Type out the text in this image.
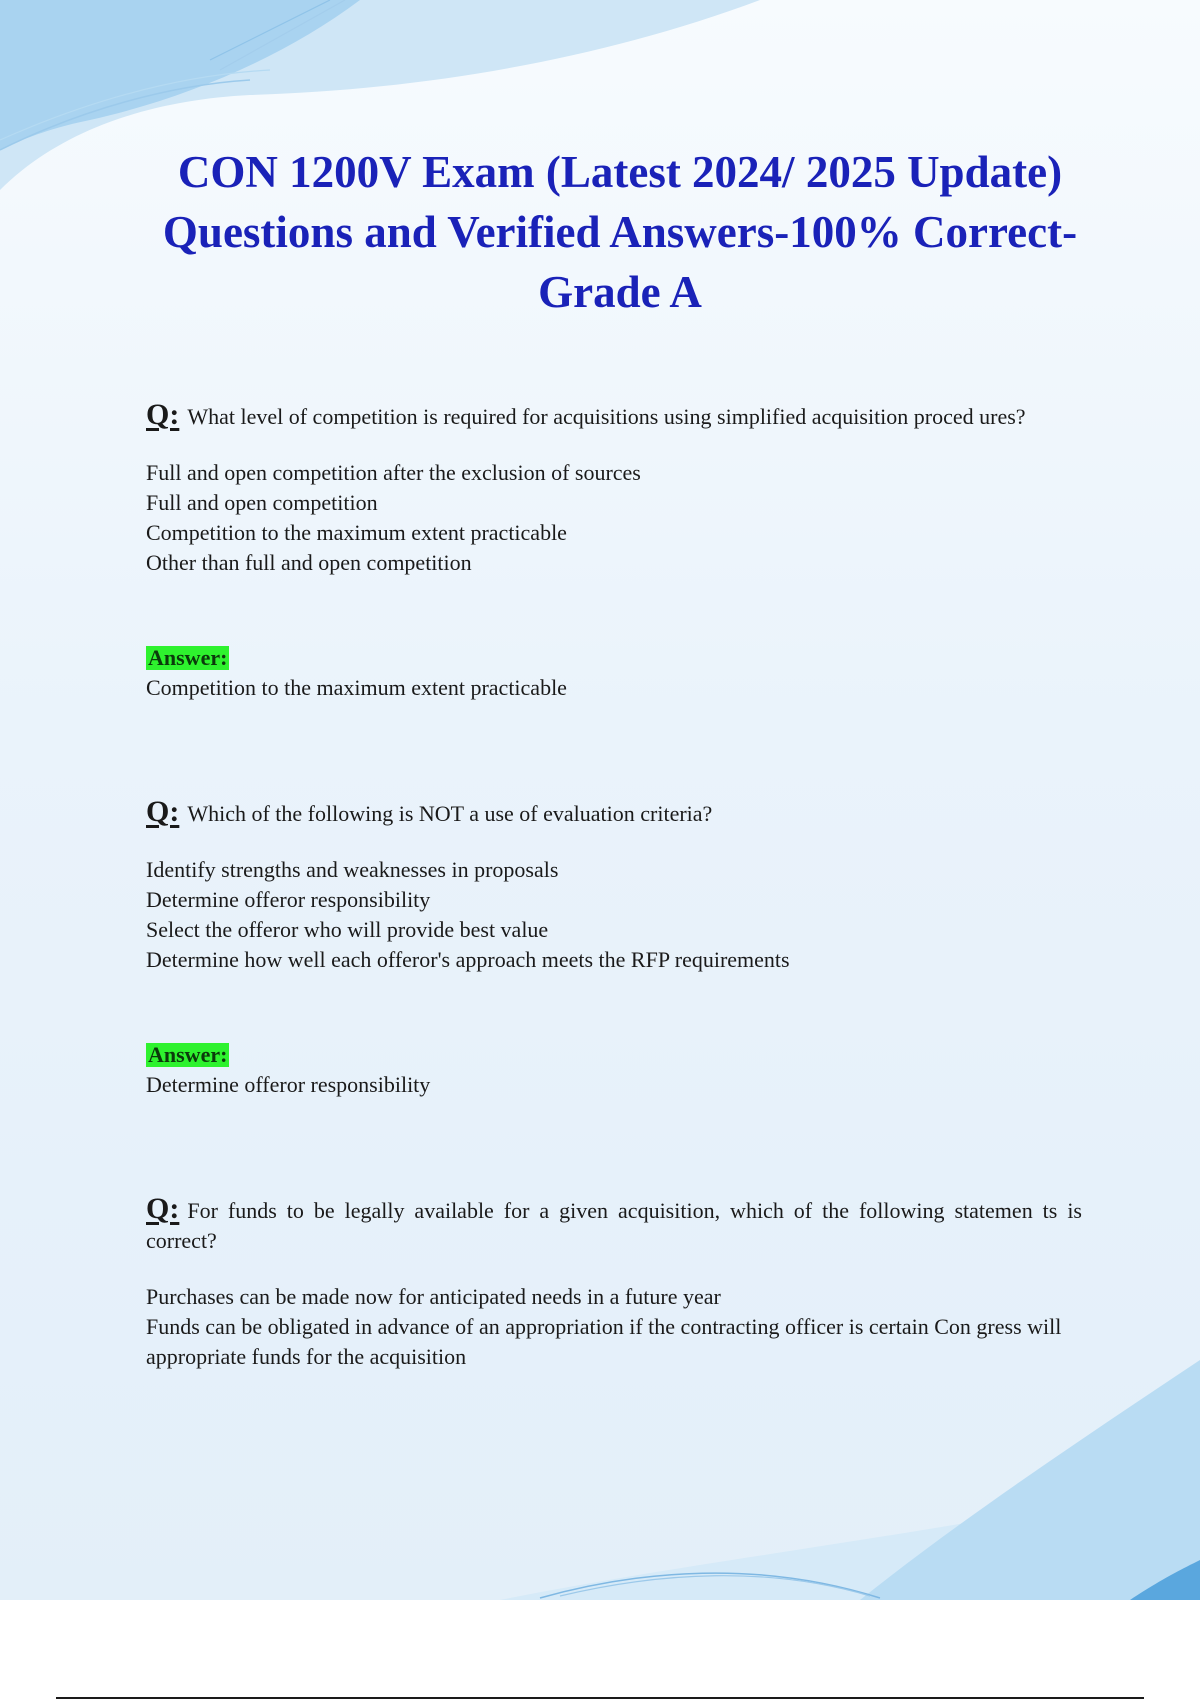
CON 1200V Exam (Latest 2024/ 2025 Update) Questions and Verified Answers-100% Correct-Grade A

Q: What level of competition is required for acquisitions using simplified acquisition proced ures?

Full and open competition after the exclusion of sources
Full and open competition
Competition to the maximum extent practicable
Other than full and open competition
Answer:
Competition to the maximum extent practicable

Q: Which of the following is NOT a use of evaluation criteria?

Identify strengths and weaknesses in proposals
Determine offeror responsibility
Select the offeror who will provide best value
Determine how well each offeror's approach meets the RFP requirements
Answer:
Determine offeror responsibility

Q: For funds to be legally available for a given acquisition, which of the following statemen ts is correct?

Purchases can be made now for anticipated needs in a future year
Funds can be obligated in advance of an appropriation if the contracting officer is certain Con gress will appropriate funds for the acquisition
